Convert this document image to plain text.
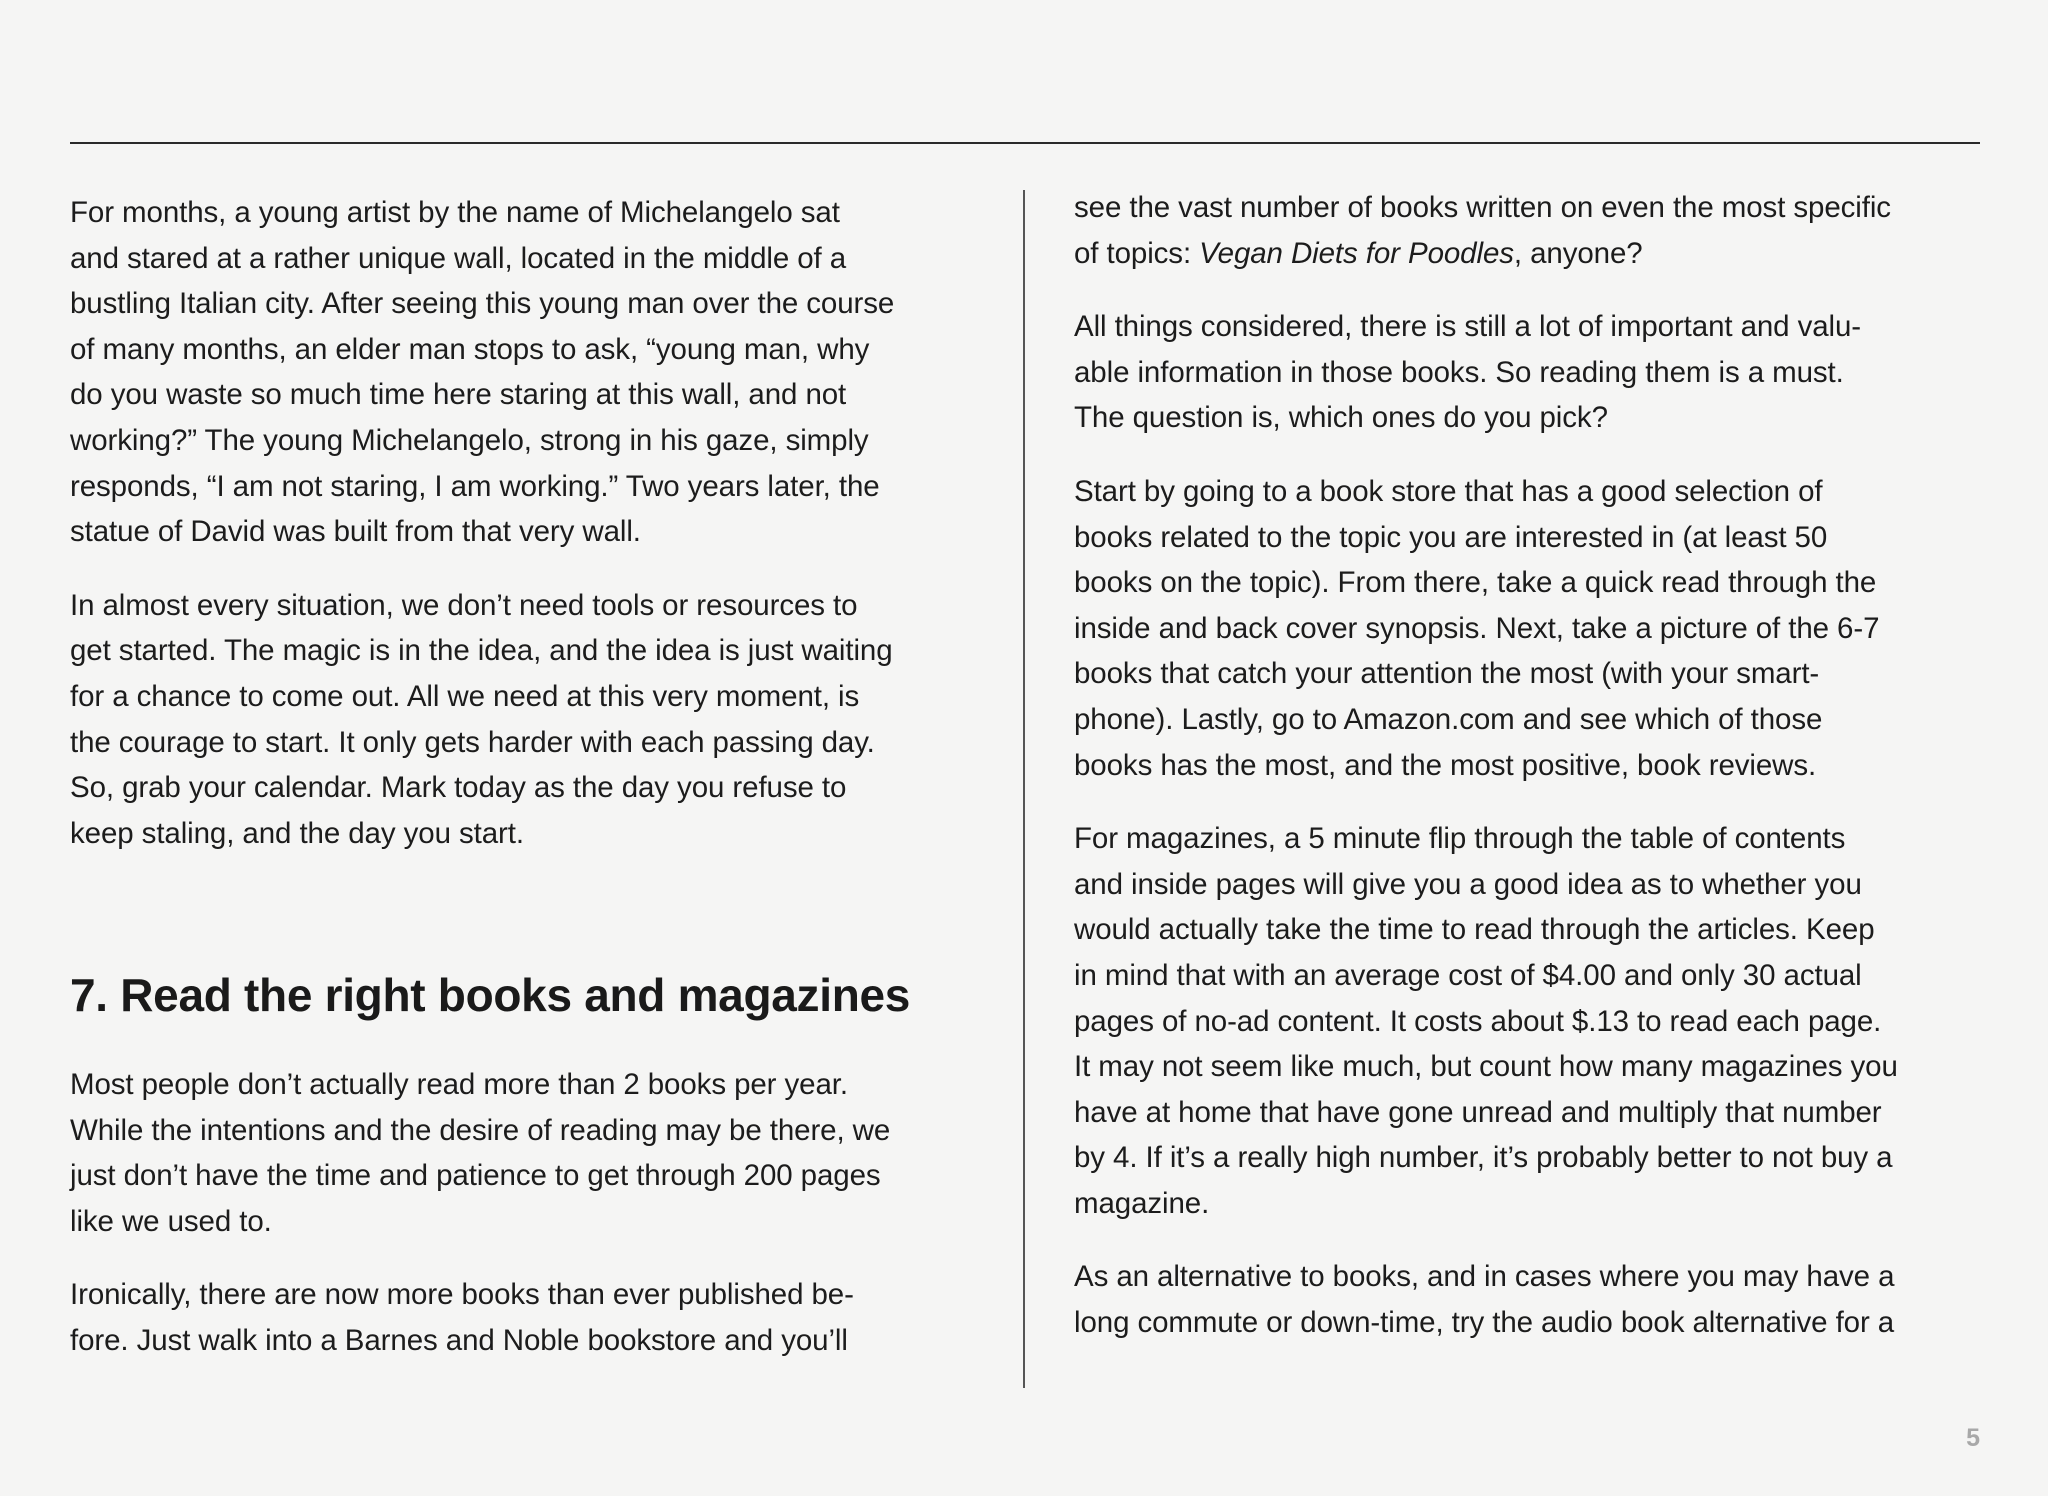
For months, a young artist by the name of Michelangelo sat
and stared at a rather unique wall, located in the middle of a
bustling Italian city. After seeing this young man over the course
of many months, an elder man stops to ask, “young man, why
do you waste so much time here staring at this wall, and not
working?” The young Michelangelo, strong in his gaze, simply
responds, “I am not staring, I am working.” Two years later, the
statue of David was built from that very wall.

In almost every situation, we don’t need tools or resources to
get started. The magic is in the idea, and the idea is just waiting
for a chance to come out. All we need at this very moment, is
the courage to start. It only gets harder with each passing day.
So, grab your calendar. Mark today as the day you refuse to
keep staling, and the day you start.

7. Read the right books and magazines

Most people don’t actually read more than 2 books per year.
While the intentions and the desire of reading may be there, we
just don’t have the time and patience to get through 200 pages
like we used to.

Ironically, there are now more books than ever published be-
fore. Just walk into a Barnes and Noble bookstore and you’ll

see the vast number of books written on even the most specific
of topics: Vegan Diets for Poodles, anyone?

All things considered, there is still a lot of important and valu-
able information in those books. So reading them is a must.
The question is, which ones do you pick?

Start by going to a book store that has a good selection of
books related to the topic you are interested in (at least 50
books on the topic). From there, take a quick read through the
inside and back cover synopsis. Next, take a picture of the 6-7
books that catch your attention the most (with your smart-
phone). Lastly, go to Amazon.com and see which of those
books has the most, and the most positive, book reviews.

For magazines, a 5 minute flip through the table of contents
and inside pages will give you a good idea as to whether you
would actually take the time to read through the articles. Keep
in mind that with an average cost of $4.00 and only 30 actual
pages of no-ad content. It costs about $.13 to read each page.
It may not seem like much, but count how many magazines you
have at home that have gone unread and multiply that number
by 4. If it’s a really high number, it’s probably better to not buy a
magazine.

As an alternative to books, and in cases where you may have a
long commute or down-time, try the audio book alternative for a

5
